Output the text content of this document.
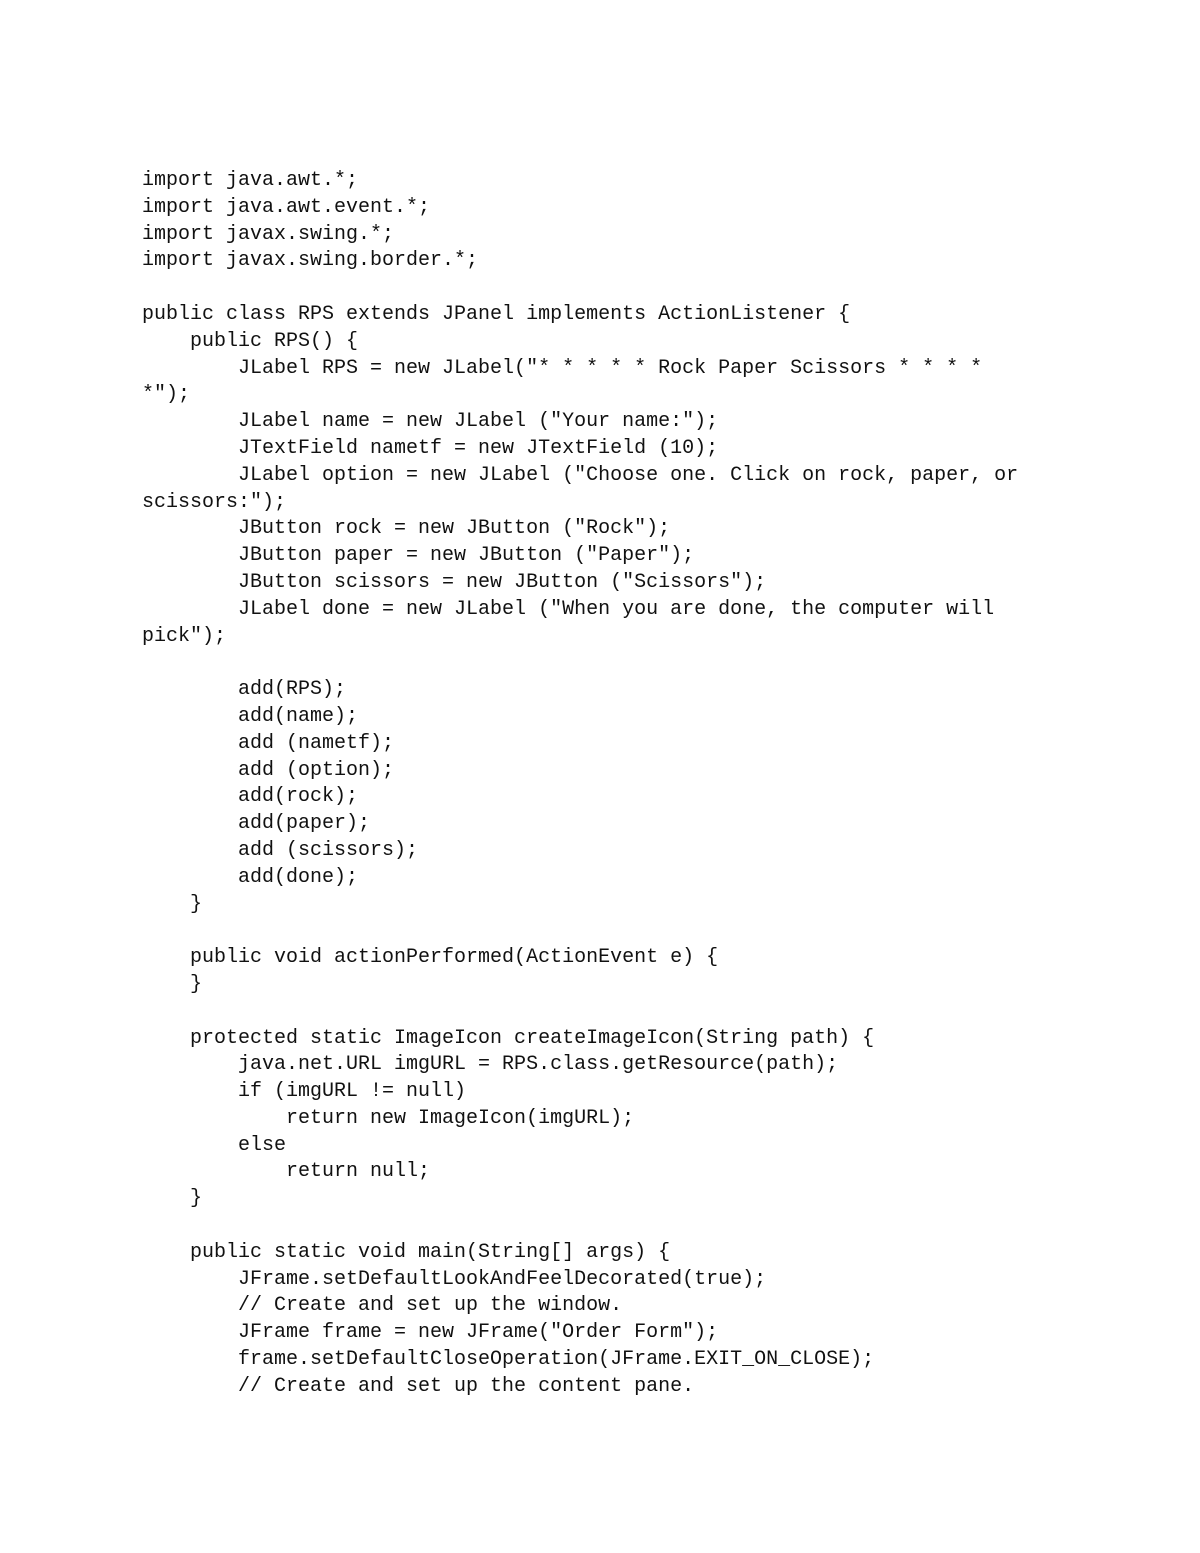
import java.awt.*;
import java.awt.event.*;
import javax.swing.*;
import javax.swing.border.*;
public class RPS extends JPanel implements ActionListener {
public RPS() {
JLabel RPS = new JLabel("* * * * * Rock Paper Scissors * * * *
*");
JLabel name = new JLabel ("Your name:");
JTextField nametf = new JTextField (10);
JLabel option = new JLabel ("Choose one. Click on rock, paper, or
scissors:");
JButton rock = new JButton ("Rock");
JButton paper = new JButton ("Paper");
JButton scissors = new JButton ("Scissors");
JLabel done = new JLabel ("When you are done, the computer will
pick");
add(RPS);
add(name);
add (nametf);
add (option);
add(rock);
add(paper);
add (scissors);
add(done);
}
public void actionPerformed(ActionEvent e) {
}
protected static ImageIcon createImageIcon(String path) {
java.net.URL imgURL = RPS.class.getResource(path);
if (imgURL != null)
return new ImageIcon(imgURL);
else
return null;
}
public static void main(String[] args) {
JFrame.setDefaultLookAndFeelDecorated(true);
// Create and set up the window.
JFrame frame = new JFrame("Order Form");
frame.setDefaultCloseOperation(JFrame.EXIT_ON_CLOSE);
// Create and set up the content pane.
